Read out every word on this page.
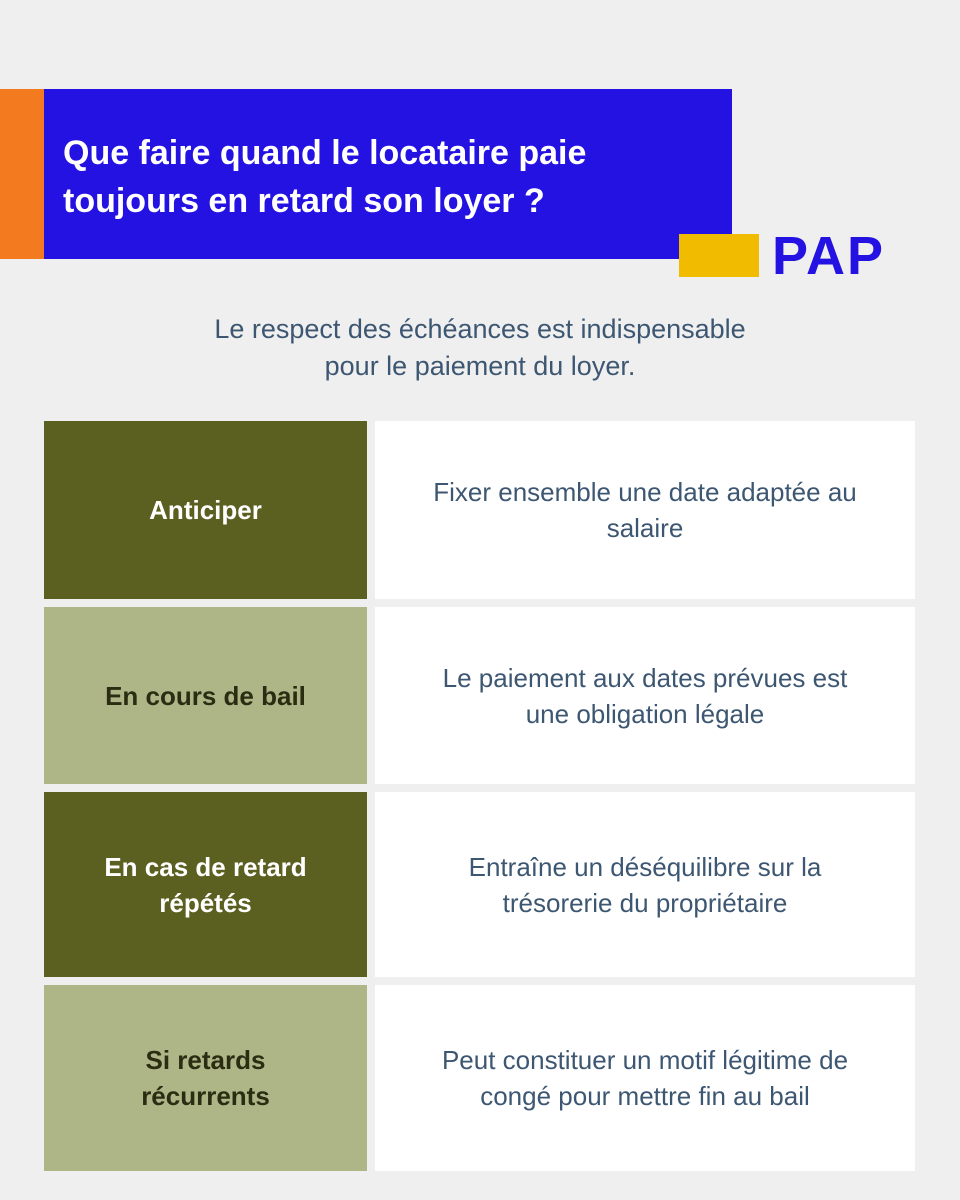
Que faire quand le locataire paie
toujours en retard son loyer ?
PAP
Le respect des échéances est indispensable
pour le paiement du loyer.
Anticiper
Fixer ensemble une date adaptée au
salaire
En cours de bail
Le paiement aux dates prévues est
une obligation légale
En cas de retard
répétés
Entraîne un déséquilibre sur la
trésorerie du propriétaire
Si retards
récurrents
Peut constituer un motif légitime de
congé pour mettre fin au bail
